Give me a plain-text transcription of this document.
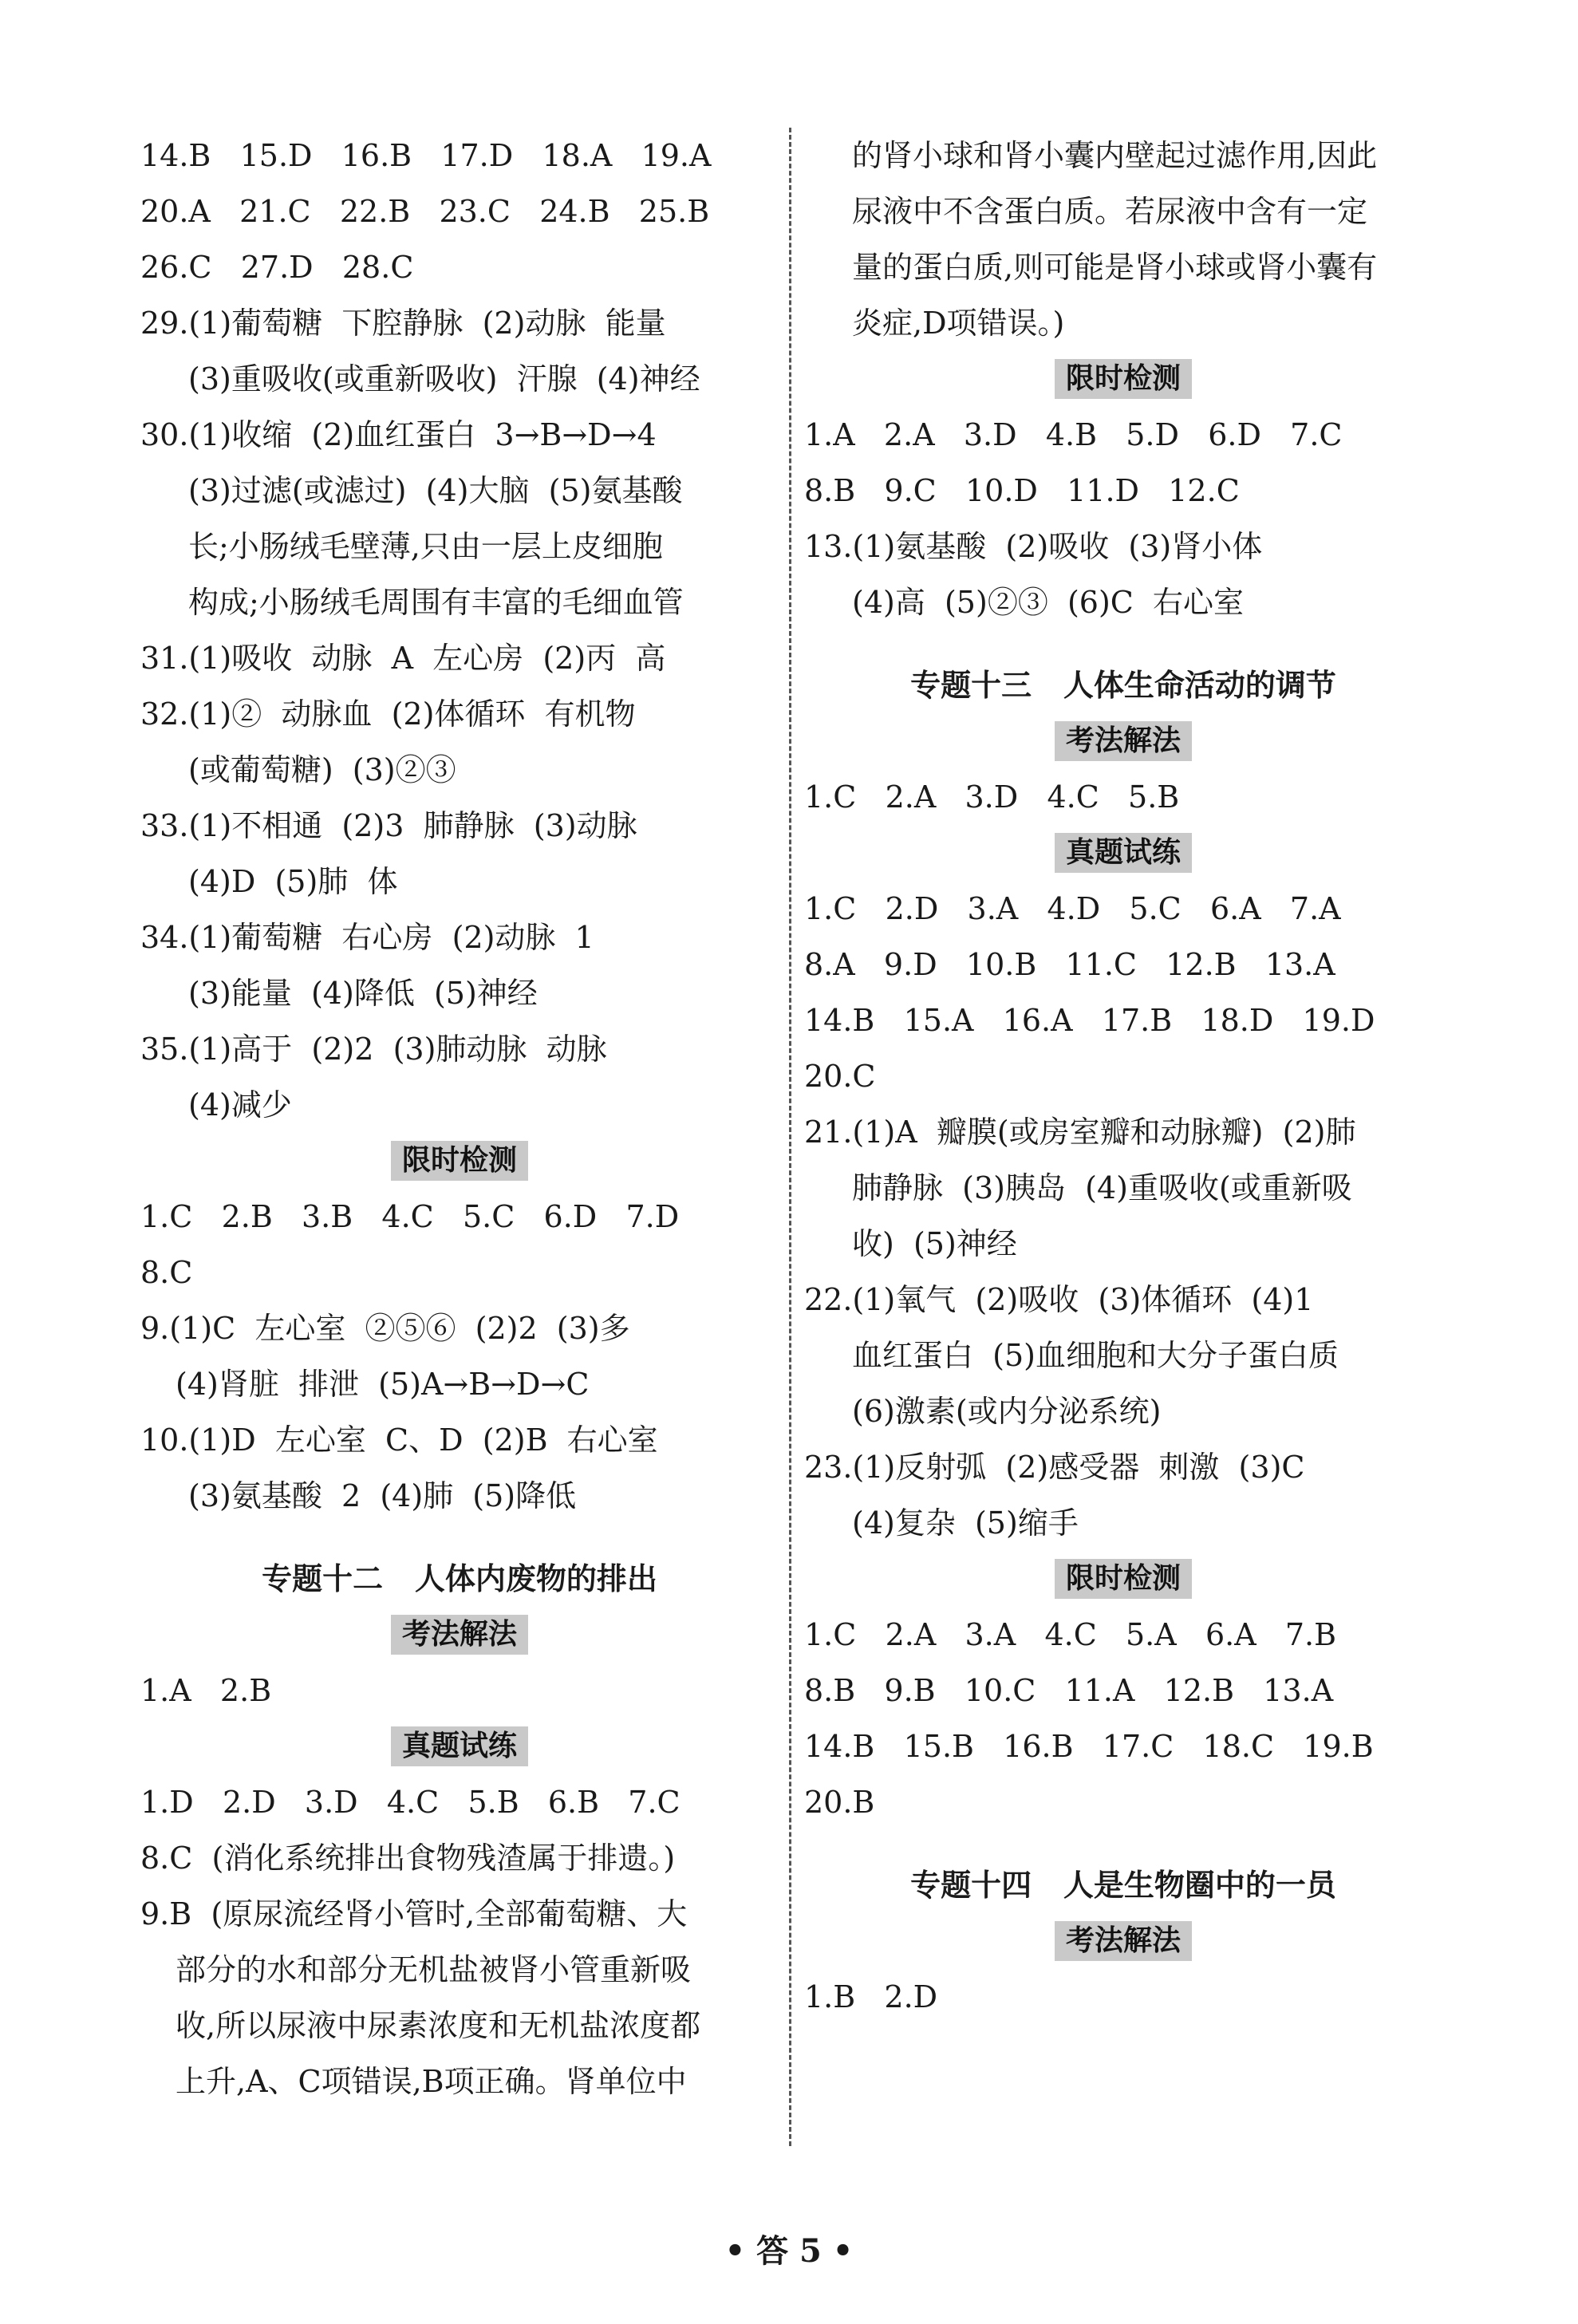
14.B   15.D   16.B   17.D   18.A   19.A
20.A   21.C   22.B   23.C   24.B   25.B
26.C   27.D   28.C
29.(1)葡萄糖  下腔静脉  (2)动脉  能量
(3)重吸收(或重新吸收)  汗腺  (4)神经
30.(1)收缩  (2)血红蛋白  3→B→D→4
(3)过滤(或滤过)  (4)大脑  (5)氨基酸
长;小肠绒毛壁薄,只由一层上皮细胞
构成;小肠绒毛周围有丰富的毛细血管
31.(1)吸收  动脉  A  左心房  (2)丙  高
32.(1)②  动脉血  (2)体循环  有机物
(或葡萄糖)  (3)②③
33.(1)不相通  (2)3  肺静脉  (3)动脉
(4)D  (5)肺  体
34.(1)葡萄糖  右心房  (2)动脉  1
(3)能量  (4)降低  (5)神经
35.(1)高于  (2)2  (3)肺动脉  动脉
(4)减少
限时检测
1.C   2.B   3.B   4.C   5.C   6.D   7.D
8.C
9.(1)C  左心室  ②⑤⑥  (2)2  (3)多
(4)肾脏  排泄  (5)A→B→D→C
10.(1)D  左心室  C、D  (2)B  右心室
(3)氨基酸  2  (4)肺  (5)降低
专题十二   人体内废物的排出
考法解法
1.A   2.B
真题试练
1.D   2.D   3.D   4.C   5.B   6.B   7.C
8.C  (消化系统排出食物残渣属于排遗。)
9.B  (原尿流经肾小管时,全部葡萄糖、大
部分的水和部分无机盐被肾小管重新吸
收,所以尿液中尿素浓度和无机盐浓度都
上升,A、C项错误,B项正确。肾单位中
的肾小球和肾小囊内壁起过滤作用,因此
尿液中不含蛋白质。若尿液中含有一定
量的蛋白质,则可能是肾小球或肾小囊有
炎症,D项错误。)
限时检测
1.A   2.A   3.D   4.B   5.D   6.D   7.C
8.B   9.C   10.D   11.D   12.C
13.(1)氨基酸  (2)吸收  (3)肾小体
(4)高  (5)②③  (6)C  右心室
专题十三   人体生命活动的调节
考法解法
1.C   2.A   3.D   4.C   5.B
真题试练
1.C   2.D   3.A   4.D   5.C   6.A   7.A
8.A   9.D   10.B   11.C   12.B   13.A
14.B   15.A   16.A   17.B   18.D   19.D
20.C
21.(1)A  瓣膜(或房室瓣和动脉瓣)  (2)肺
肺静脉  (3)胰岛  (4)重吸收(或重新吸
收)  (5)神经
22.(1)氧气  (2)吸收  (3)体循环  (4)1
血红蛋白  (5)血细胞和大分子蛋白质
(6)激素(或内分泌系统)
23.(1)反射弧  (2)感受器  刺激  (3)C
(4)复杂  (5)缩手
限时检测
1.C   2.A   3.A   4.C   5.A   6.A   7.B
8.B   9.B   10.C   11.A   12.B   13.A
14.B   15.B   16.B   17.C   18.C   19.B
20.B
专题十四   人是生物圈中的一员
考法解法
1.B   2.D
• 答 5 •
